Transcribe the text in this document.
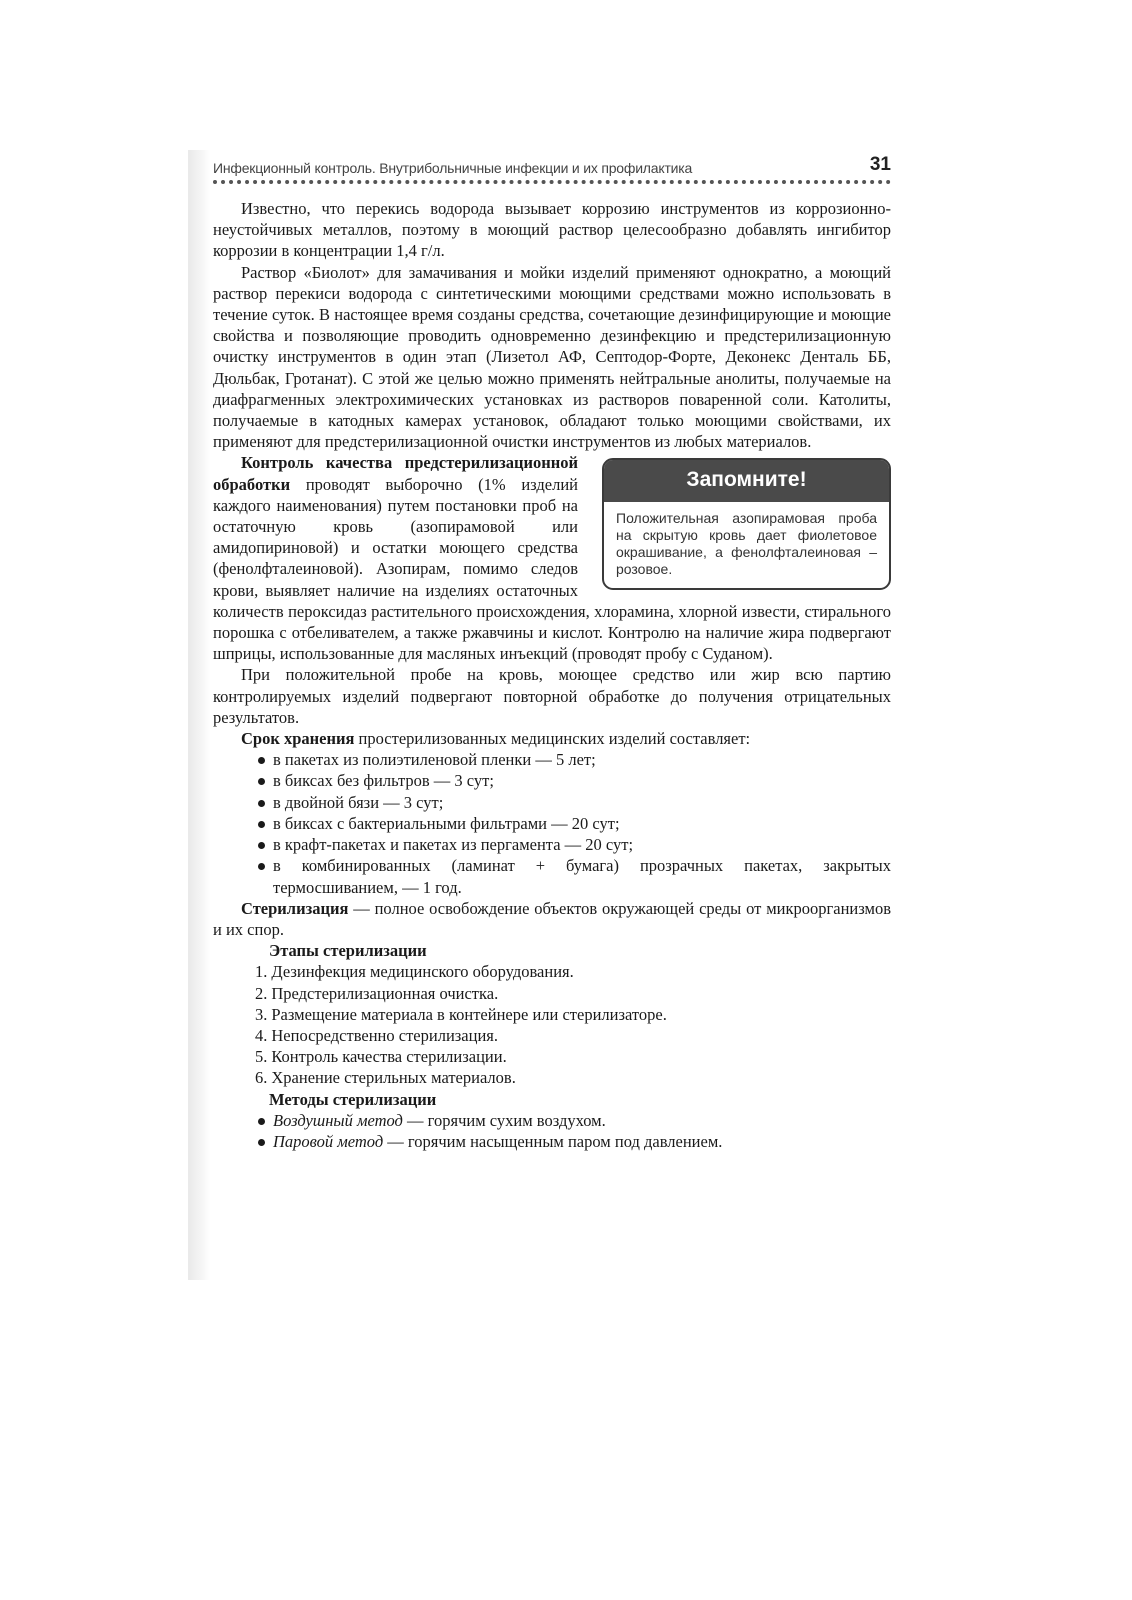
Инфекционный контроль. Внутрибольничные инфекции и их профилактика	31

Известно, что перекись водорода вызывает коррозию инструментов из коррозионно-неустойчивых металлов, поэтому в моющий раствор целесообразно добавлять ингибитор коррозии в концентрации 1,4 г/л.

Раствор «Биолот» для замачивания и мойки изделий применяют однократно, а моющий раствор перекиси водорода с синтетическими моющими средствами можно использовать в течение суток. В настоящее время созданы средства, сочетающие дезинфицирующие и моющие свойства и позволяющие проводить одновременно дезинфекцию и предстерилизационную очистку инструментов в один этап (Лизетол АФ, Септодор-Форте, Деконекс Денталь ББ, Дюльбак, Гротанат). С этой же целью можно применять нейтральные анолиты, получаемые на диафрагменных электрохимических установках из растворов поваренной соли. Католиты, получаемые в катодных камерах установок, обладают только моющими свойствами, их применяют для предстерилизационной очистки инструментов из любых материалов.

Запомните!
Положительная азопирамовая проба на скрытую кровь дает фиолетовое окрашивание, а фенолфталеиновая – розовое.

Контроль качества предстерилизационной обработки проводят выборочно (1% изделий каждого наименования) путем постановки проб на остаточную кровь (азопирамовой или амидопириновой) и остатки моющего средства (фенолфталеиновой). Азопирам, помимо следов крови, выявляет наличие на изделиях остаточных количеств пероксидаз растительного происхождения, хлорамина, хлорной извести, стирального порошка с отбеливателем, а также ржавчины и кислот. Контролю на наличие жира подвергают шприцы, использованные для масляных инъекций (проводят пробу с Суданом).

При положительной пробе на кровь, моющее средство или жир всю партию контролируемых изделий подвергают повторной обработке до получения отрицательных результатов.

Срок хранения простерилизованных медицинских изделий составляет:

в пакетах из полиэтиленовой пленки — 5 лет;
в биксах без фильтров — 3 сут;
в двойной бязи — 3 сут;
в биксах с бактериальными фильтрами — 20 сут;
в крафт-пакетах и пакетах из пергамента — 20 сут;
в комбинированных (ламинат + бумага) прозрачных пакетах, закрытых термосшиванием, — 1 год.

Стерилизация — полное освобождение объектов окружающей среды от микроорганизмов и их спор.

Этапы стерилизации

1. Дезинфекция медицинского оборудования.
2. Предстерилизационная очистка.
3. Размещение материала в контейнере или стерилизаторе.
4. Непосредственно стерилизация.
5. Контроль качества стерилизации.
6. Хранение стерильных материалов.

Методы стерилизации

Воздушный метод — горячим сухим воздухом.
Паровой метод — горячим насыщенным паром под давлением.
